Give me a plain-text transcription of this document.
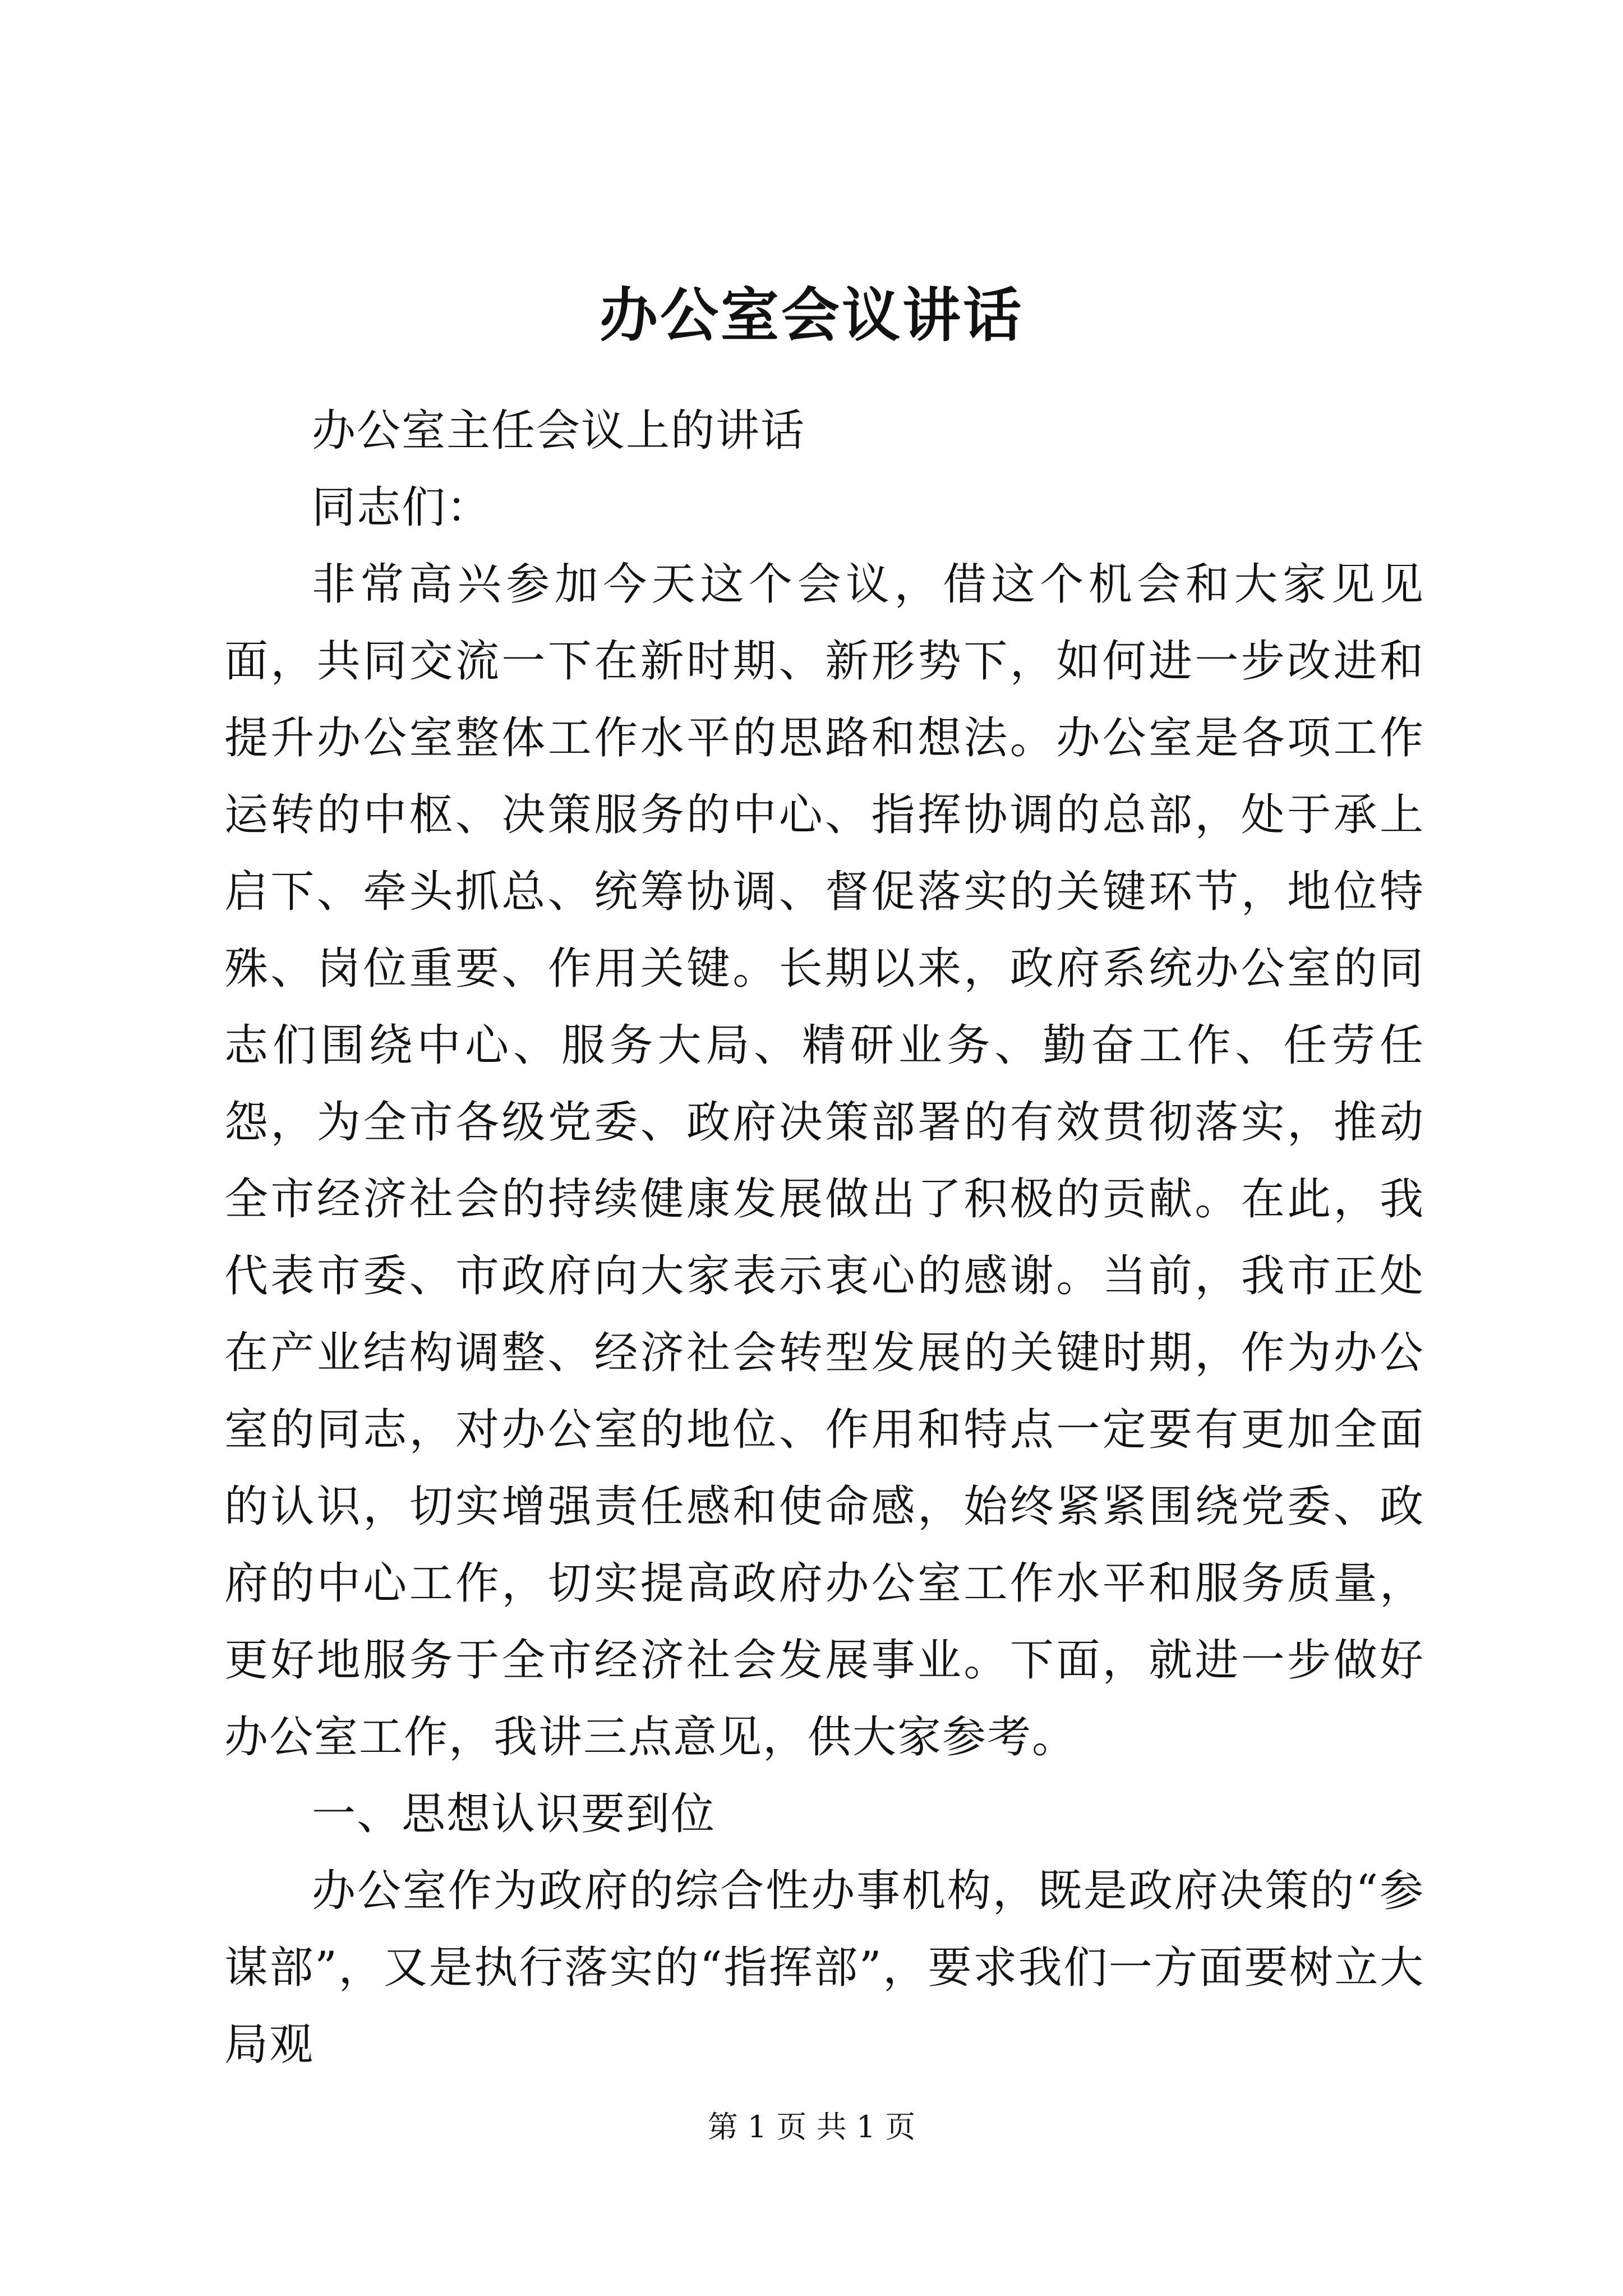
办公室会议讲话

办公室主任会议上的讲话

同志们：

非常高兴参加今天这个会议，借这个机会和大家见见面，共同交流一下在新时期、新形势下，如何进一步改进和提升办公室整体工作水平的思路和想法。办公室是各项工作运转的中枢、决策服务的中心、指挥协调的总部，处于承上启下、牵头抓总、统筹协调、督促落实的关键环节，地位特殊、岗位重要、作用关键。长期以来，政府系统办公室的同志们围绕中心、服务大局、精研业务、勤奋工作、任劳任怨，为全市各级党委、政府决策部署的有效贯彻落实，推动全市经济社会的持续健康发展做出了积极的贡献。在此，我代表市委、市政府向大家表示衷心的感谢。当前，我市正处在产业结构调整、经济社会转型发展的关键时期，作为办公室的同志，对办公室的地位、作用和特点一定要有更加全面的认识，切实增强责任感和使命感，始终紧紧围绕党委、政府的中心工作，切实提高政府办公室工作水平和服务质量，更好地服务于全市经济社会发展事业。下面，就进一步做好办公室工作，我讲三点意见，供大家参考。

一、思想认识要到位

办公室作为政府的综合性办事机构，既是政府决策的“参谋部”，又是执行落实的“指挥部”，要求我们一方面要树立大局观

第 1 页 共 1 页
